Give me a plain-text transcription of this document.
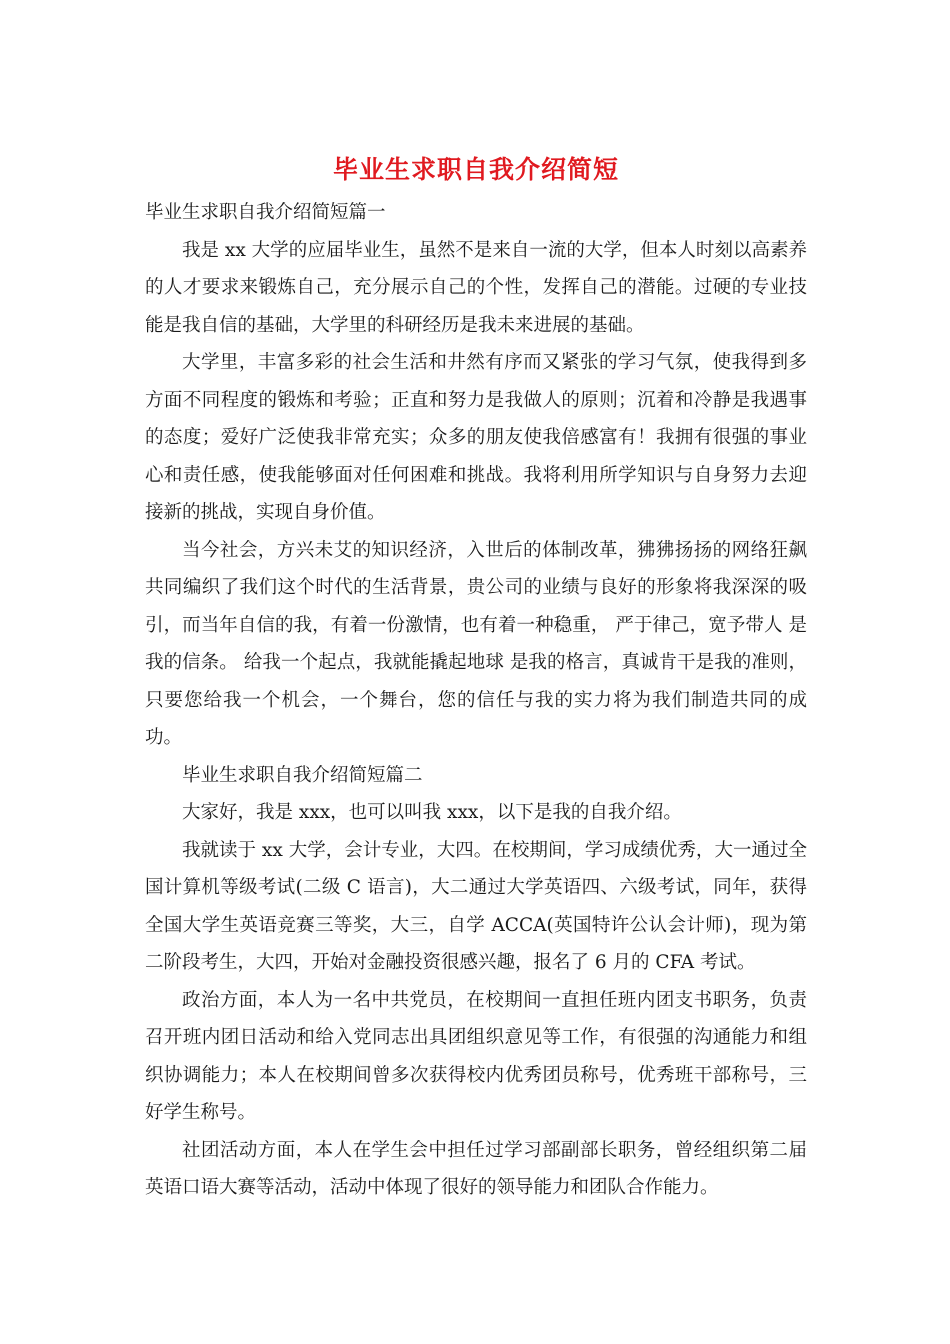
毕业生求职自我介绍简短

毕业生求职自我介绍简短篇一

我是 xx 大学的应届毕业生，虽然不是来自一流的大学，但本人时刻以高素养的人才要求来锻炼自己，充分展示自己的个性，发挥自己的潜能。过硬的专业技能是我自信的基础，大学里的科研经历是我未来进展的基础。

大学里，丰富多彩的社会生活和井然有序而又紧张的学习气氛，使我得到多方面不同程度的锻炼和考验；正直和努力是我做人的原则；沉着和冷静是我遇事的态度；爱好广泛使我非常充实；众多的朋友使我倍感富有！我拥有很强的事业心和责任感，使我能够面对任何困难和挑战。我将利用所学知识与自身努力去迎接新的挑战，实现自身价值。

当今社会，方兴未艾的知识经济，入世后的体制改革，狒狒扬扬的网络狂飙共同编织了我们这个时代的生活背景，贵公司的业绩与良好的形象将我深深的吸引，而当年自信的我，有着一份激情，也有着一种稳重， 严于律己，宽予带人 是我的信条。 给我一个起点，我就能撬起地球 是我的格言，真诚肯干是我的准则，只要您给我一个机会，一个舞台，您的信任与我的实力将为我们制造共同的成功。

毕业生求职自我介绍简短篇二

大家好，我是 xxx，也可以叫我 xxx，以下是我的自我介绍。

我就读于 xx 大学，会计专业，大四。在校期间，学习成绩优秀，大一通过全国计算机等级考试(二级 C 语言)，大二通过大学英语四、六级考试，同年，获得全国大学生英语竞赛三等奖，大三，自学 ACCA(英国特许公认会计师)，现为第二阶段考生，大四，开始对金融投资很感兴趣，报名了 6 月的 CFA 考试。

政治方面，本人为一名中共党员，在校期间一直担任班内团支书职务，负责召开班内团日活动和给入党同志出具团组织意见等工作，有很强的沟通能力和组织协调能力；本人在校期间曾多次获得校内优秀团员称号，优秀班干部称号，三好学生称号。

社团活动方面，本人在学生会中担任过学习部副部长职务，曾经组织第二届英语口语大赛等活动，活动中体现了很好的领导能力和团队合作能力。
